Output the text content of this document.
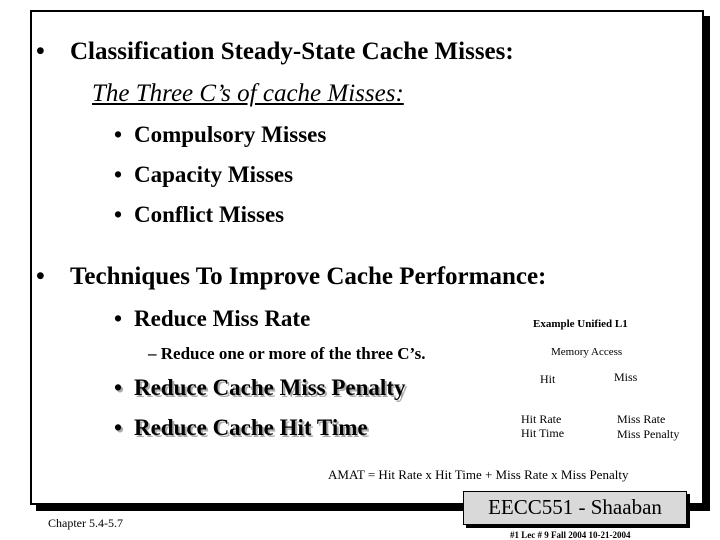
• Classification Steady-State Cache Misses:
The Three C’s of cache Misses:
• Compulsory Misses
• Capacity Misses
• Conflict Misses
• Techniques To Improve Cache Performance:
• Reduce Miss Rate
– Reduce one or more of the three C’s.
• Reduce Cache Miss Penalty
• Reduce Cache Hit Time
Example Unified L1
Memory Access
Hit	Miss
Hit Rate
Hit Time
Miss Rate
Miss Penalty
AMAT = Hit Rate x Hit Time + Miss Rate x Miss Penalty
Chapter 5.4-5.7
EECC551 - Shaaban
#1 Lec # 9 Fall 2004 10-21-2004
